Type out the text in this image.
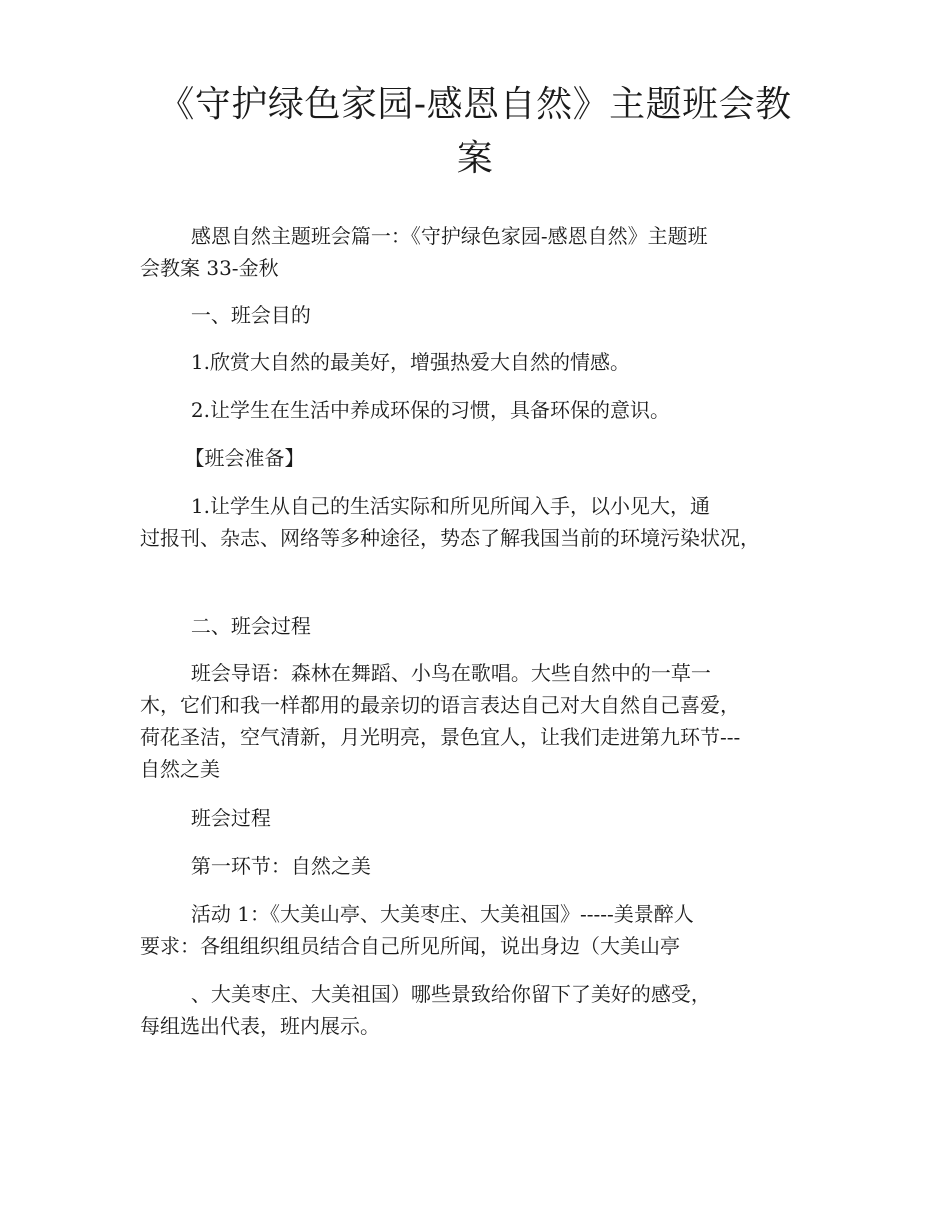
《守护绿色家园-感恩自然》主题班会教
案

感恩自然主题班会篇一：《守护绿色家园-感恩自然》主题班
会教案 33-金秋

一、班会目的

1.欣赏大自然的最美好，增强热爱大自然的情感。

2.让学生在生活中养成环保的习惯，具备环保的意识。

【班会准备】

1.让学生从自己的生活实际和所见所闻入手，以小见大，通
过报刊、杂志、网络等多种途径，势态了解我国当前的环境污染状况，

二、班会过程

班会导语：森林在舞蹈、小鸟在歌唱。大些自然中的一草一
木，它们和我一样都用的最亲切的语言表达自己对大自然自己喜爱，
荷花圣洁，空气清新，月光明亮，景色宜人，让我们走进第九环节---
自然之美

班会过程

第一环节：自然之美

活动 1：《大美山亭、大美枣庄、大美祖国》-----美景醉人
要求：各组组织组员结合自己所见所闻，说出身边（大美山亭

、大美枣庄、大美祖国）哪些景致给你留下了美好的感受，
每组选出代表，班内展示。
